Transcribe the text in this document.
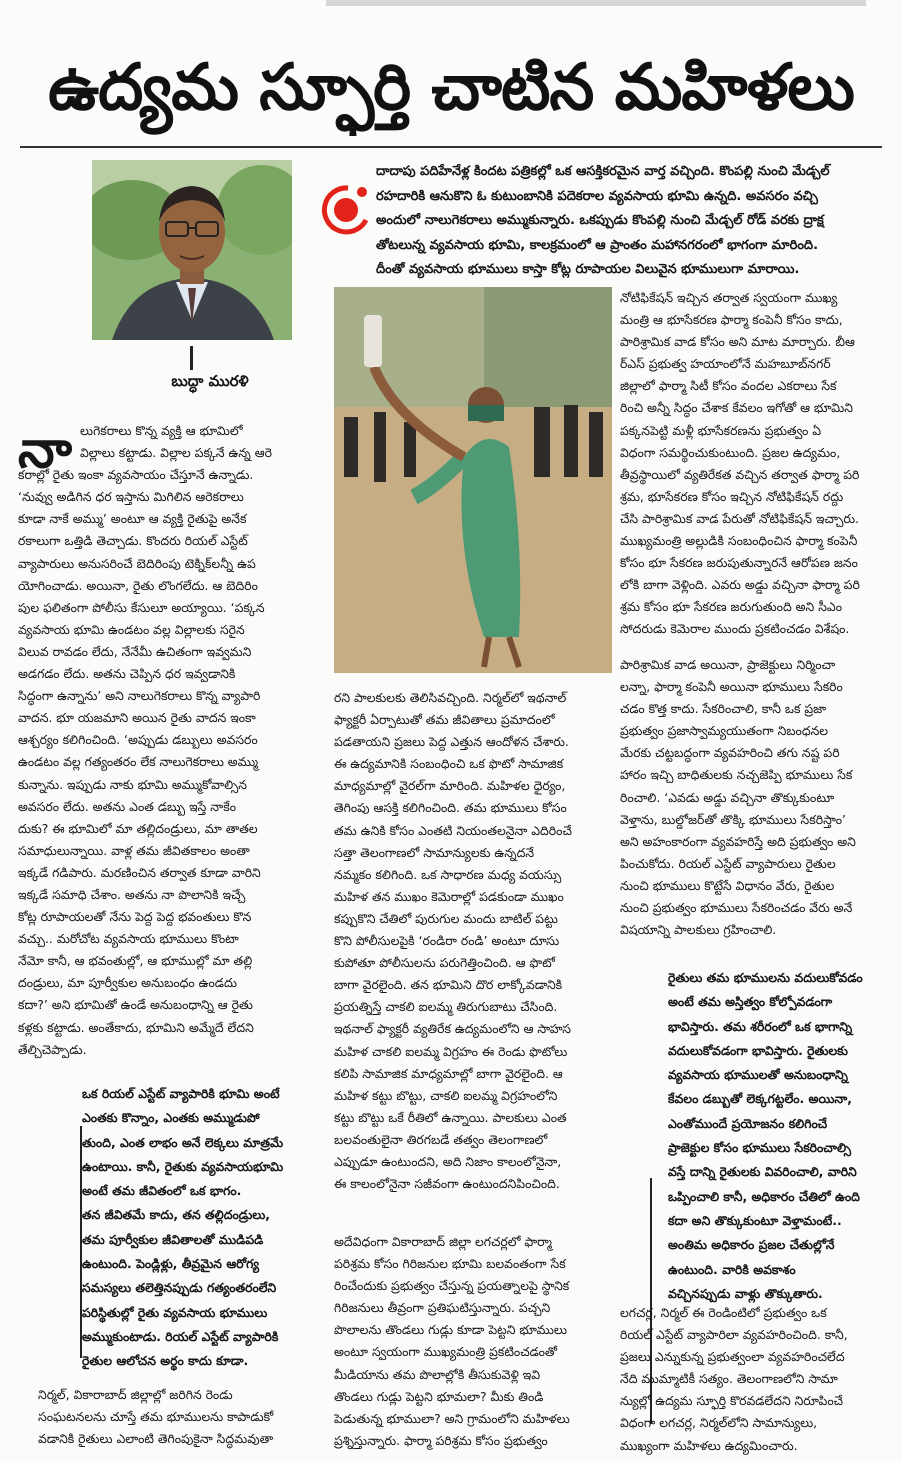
ఉద్యమ స్ఫూర్తి చాటిన మహిళలు
బుద్ధా మురళి
దాదాపు పదిహేనేళ్ల కిందట పత్రికల్లో ఒక ఆసక్తికరమైన వార్త వచ్చింది. కొంపల్లి నుంచి మేడ్చల్
రహదారికి ఆనుకొని ఓ కుటుంబానికి పదెకరాల వ్యవసాయ భూమి ఉన్నది. అవసరం వచ్చి
అందులో నాలుగెకరాలు అమ్ముకున్నారు. ఒకప్పుడు కొంపల్లి నుంచి మేడ్చల్ రోడ్ వరకు ద్రాక్ష
తోటలున్న వ్యవసాయ భూమి, కాలక్రమంలో ఆ ప్రాంతం మహానగరంలో భాగంగా మారింది.
దీంతో వ్యవసాయ భూములు కాస్తా కోట్ల రూపాయల విలువైన భూములుగా మారాయి.
నా లుగెకరాలు కొన్న వ్యక్తి ఆ భూమిలో
విల్లాలు కట్టాడు. విల్లాల పక్కనే ఉన్న ఆరె
కరాల్లో రైతు ఇంకా వ్యవసాయం చేస్తూనే ఉన్నాడు.
‘నువ్వు అడిగిన ధర ఇస్తాను మిగిలిన ఆరెకరాలు
కూడా నాకే అమ్ము’ అంటూ ఆ వ్యక్తి రైతుపై అనేక
రకాలుగా ఒత్తిడి తెచ్చాడు. కొందరు రియల్ ఎస్టేట్
వ్యాపారులు అనుసరించే బెదిరింపు టెక్నిక్‌లన్నీ ఉప
యోగించాడు. అయినా, రైతు లొంగలేదు. ఆ బెదిరిం
పుల ఫలితంగా పోలీసు కేసులూ అయ్యాయి. ‘పక్కన
వ్యవసాయ భూమి ఉండటం వల్ల విల్లాలకు సరైన
విలువ రావడం లేదు, నేనేమీ ఉచితంగా ఇవ్వమని
అడగడం లేదు. అతను చెప్పిన ధర ఇవ్వడానికి
సిద్ధంగా ఉన్నాను’ అని నాలుగెకరాలు కొన్న వ్యాపారి
వాదన. భూ యజమాని అయిన రైతు వాదన ఇంకా
ఆశ్చర్యం కలిగించింది. ‘అప్పుడు డబ్బులు అవసరం
ఉండటం వల్ల గత్యంతరం లేక నాలుగెకరాలు అమ్ము
కున్నాను. ఇప్పుడు నాకు భూమి అమ్ముకోవాల్సిన
అవసరం లేదు. అతను ఎంత డబ్బు ఇస్తే నాకేం
దుకు? ఈ భూమిలో మా తల్లిదండ్రులు, మా తాతల
సమాధులున్నాయి. వాళ్ల తమ జీవితకాలం అంతా
ఇక్కడే గడిపారు. మరణించిన తర్వాత కూడా వారిని
ఇక్కడే సమాధి చేశాం. అతను నా పొలానికి ఇచ్చే
కోట్ల రూపాయలతో నేను పెద్ద పెద్ద భవంతులు కొన
వచ్చు.. మరోచోట వ్యవసాయ భూములు కొంటా
నేమో కానీ, ఆ భవంతుల్లో, ఆ భూముల్లో మా తల్లి
దండ్రులు, మా పూర్వీకుల అనుబంధం ఉండదు
కదా?’ అని భూమితో ఉండే అనుబంధాన్ని ఆ రైతు
కళ్లకు కట్టాడు. అంతేకాదు, భూమిని అమ్మేదే లేదని
తేల్చిచెప్పాడు.
ఒక రియల్ ఎస్టేట్ వ్యాపారికి భూమి అంటే
ఎంతకు కొన్నాం, ఎంతకు అమ్ముడుపో
తుంది, ఎంత లాభం అనే లెక్కలు మాత్రమే
ఉంటాయి. కానీ, రైతుకు వ్యవసాయభూమి
అంటే తమ జీవితంలో ఒక భాగం.
తన జీవితమే కాదు, తన తల్లిదండ్రులు,
తమ పూర్వీకుల జీవితాలతో ముడిపడి
ఉంటుంది. పెండ్లిళ్లు, తీవ్రమైన ఆరోగ్య
సమస్యలు తలెత్తినప్పుడు గత్యంతరంలేని
పరిస్థితుల్లో రైతు వ్యవసాయ భూములు
అమ్ముకుంటాడు. రియల్ ఎస్టేట్ వ్యాపారికి
రైతుల ఆలోచన అర్థం కాదు కూడా.
నిర్మల్, వికారాబాద్ జిల్లాల్లో జరిగిన రెండు
సంఘటనలను చూస్తే తమ భూములను కాపాడుకో
వడానికి రైతులు ఎలాంటి తెగింపుకైనా సిద్ధమవుతా
రని పాలకులకు తెలిసివచ్చింది. నిర్మల్‌లో ఇథనాల్
ఫ్యాక్టరీ ఏర్పాటుతో తమ జీవితాలు ప్రమాదంలో
పడతాయని ప్రజలు పెద్ద ఎత్తున ఆందోళన చేశారు.
ఈ ఉద్యమానికి సంబంధించి ఒక ఫొటో సామాజిక
మాధ్యమాల్లో వైరల్‌గా మారింది. మహిళల ధైర్యం,
తెగింపు ఆసక్తి కలిగించింది. తమ భూములు కోసం
తమ ఉనికి కోసం ఎంతటి నియంతలనైనా ఎదిరించే
సత్తా తెలంగాణలో సామాన్యులకు ఉన్నదనే
నమ్మకం కలిగింది. ఒక సాధారణ మధ్య వయస్సు
మహిళ తన ముఖం కెమెరాల్లో పడకుండా ముఖం
కప్పుకొని చేతిలో పురుగుల మందు బాటిల్ పట్టు
కొని పోలీసులపైకి ‘రండిరా రండి’ అంటూ దూసు
కుపోతూ పోలీసులను పరుగెత్తించింది. ఆ ఫొటో
బాగా వైరలైంది. తన భూమిని దొర లాక్కోవడానికి
ప్రయత్నిస్తే చాకలి ఐలమ్మ తిరుగుబాటు చేసింది.
ఇథనాల్ ఫ్యాక్టరీ వ్యతిరేక ఉద్యమంలోని ఆ సాహస
మహిళ చాకలి ఐలమ్మ విగ్రహం ఈ రెండు ఫొటోలు
కలిపి సామాజిక మాధ్యమాల్లో బాగా వైరలైంది. ఆ
మహిళ కట్టు బొట్టు, చాకలి ఐలమ్మ విగ్రహంలోని
కట్టు బొట్టు ఒకే రీతిలో ఉన్నాయి. పాలకులు ఎంత
బలవంతులైనా తిరగబడే తత్వం తెలంగాణలో
ఎప్పుడూ ఉంటుందని, అది నిజాం కాలంలోనైనా,
ఈ కాలంలోనైనా సజీవంగా ఉంటుందనిపించింది.
అదేవిధంగా వికారాబాద్ జిల్లా లగచర్లలో ఫార్మా
పరిశ్రమ కోసం గిరిజనుల భూమి బలవంతంగా సేక
రించేందుకు ప్రభుత్వం చేస్తున్న ప్రయత్నాలపై స్థానిక
గిరిజనులు తీవ్రంగా ప్రతిఘటిస్తున్నారు. పచ్చని
పొలాలను తొండలు గుడ్లు కూడా పెట్టని భూములు
అంటూ స్వయంగా ముఖ్యమంత్రి ప్రకటించడంతో
మీడియాను తమ పొలాల్లోకి తీసుకువెళ్లి ఇవి
తొండలు గుడ్లు పెట్టని భూమలా? మీకు తిండి
పెడుతున్న భూములా? అని గ్రామంలోని మహిళలు
ప్రశ్నిస్తున్నారు. ఫార్మా పరిశ్రమ కోసం ప్రభుత్వం
నోటిఫికేషన్ ఇచ్చిన తర్వాత స్వయంగా ముఖ్య
మంత్రి ఆ భూసేకరణ ఫార్మా కంపెనీ కోసం కాదు,
పారిశ్రామిక వాడ కోసం అని మాట మార్చారు. బీఆ
ర్‌ఎస్ ప్రభుత్వ హయాంలోనే మహబూబ్‌నగర్
జిల్లాలో ఫార్మా సిటీ కోసం వందల ఎకరాలు సేక
రించి అన్నీ సిద్ధం చేశాక కేవలం ఇగోతో ఆ భూమిని
పక్కనపెట్టి మళ్లీ భూసేకరణను ప్రభుత్వం ఏ
విధంగా సమర్థించుకుంటుంది. ప్రజల ఉద్యమం,
తీవ్రస్థాయిలో వ్యతిరేకత వచ్చిన తర్వాత ఫార్మా పరి
శ్రమ, భూసేకరణ కోసం ఇచ్చిన నోటిఫికేషన్ రద్దు
చేసి పారిశ్రామిక వాడ పేరుతో నోటిఫికేషన్ ఇచ్చారు.
ముఖ్యమంత్రి అల్లుడికి సంబంధించిన ఫార్మా కంపెనీ
కోసం భూ సేకరణ జరుపుతున్నారనే ఆరోపణ జనం
లోకి బాగా వెళ్లింది. ఎవరు అడ్డు వచ్చినా ఫార్మా పరి
శ్రమ కోసం భూ సేకరణ జరుగుతుంది అని సీఎం
సోదరుడు కెమెరాల ముందు ప్రకటించడం విశేషం.
పారిశ్రామిక వాడ అయినా, ప్రాజెక్టులు నిర్మించా
లన్నా, ఫార్మా కంపెనీ అయినా భూములు సేకరిం
చడం కొత్త కాదు. సేకరించాలి, కానీ ఒక ప్రజా
ప్రభుత్వం ప్రజాస్వామ్యయుతంగా నిబంధనల
మేరకు చట్టబద్ధంగా వ్యవహరించి తగు నష్ట పరి
హారం ఇచ్చి బాధితులకు నచ్చజెప్పి భూములు సేక
రించాలి. ‘ఎవడు అడ్డు వచ్చినా తొక్కుకుంటూ
వెళ్తాను, బుల్డోజర్‌తో తొక్కి భూములు సేకరిస్తాం’
అని అహంకారంగా వ్యవహరిస్తే అది ప్రభుత్వం అని
పించుకోదు. రియల్ ఎస్టేట్ వ్యాపారులు రైతుల
నుంచి భూములు కొట్టేసే విధానం వేరు, రైతుల
నుంచి ప్రభుత్వం భూములు సేకరించడం వేరు అనే
విషయాన్ని పాలకులు గ్రహించాలి.
రైతులు తమ భూములను వదులుకోవడం
అంటే తమ అస్తిత్వం కోల్పోవడంగా
భావిస్తారు. తమ శరీరంలో ఒక భాగాన్ని
వదులుకోవడంగా భావిస్తారు. రైతులకు
వ్యవసాయ భూములతో అనుబంధాన్ని
కేవలం డబ్బుతో లెక్కగట్టలేం. అయినా,
ఎంతోముందే ప్రయోజనం కలిగించే
ప్రాజెక్టుల కోసం భూములు సేకరించాల్సి
వస్తే దాన్ని రైతులకు వివరించాలి, వారిని
ఒప్పించాలి కానీ, అధికారం చేతిలో ఉంది
కదా అని తొక్కుకుంటూ వెళ్తామంటే..
అంతిమ అధికారం ప్రజల చేతుల్లోనే
ఉంటుంది. వారికి అవకాశం
వచ్చినప్పుడు వాళ్లు తొక్కుతారు.
లగచర్ల, నిర్మల్ ఈ రెండింటిలో ప్రభుత్వం ఒక
రియల్ ఎస్టేట్ వ్యాపారిలా వ్యవహరించింది. కానీ,
ప్రజలు ఎన్నుకున్న ప్రభుత్వంలా వ్యవహరించలేద
నేది ముమ్మాటికీ సత్యం. తెలంగాణలోని సామా
న్యుల్లో ఉద్యమ స్ఫూర్తి కొరవడలేదని నిరూపించే
విధంగా లగచర్ల, నిర్మల్‌లోని సామాన్యులు,
ముఖ్యంగా మహిళలు ఉద్యమించారు.
